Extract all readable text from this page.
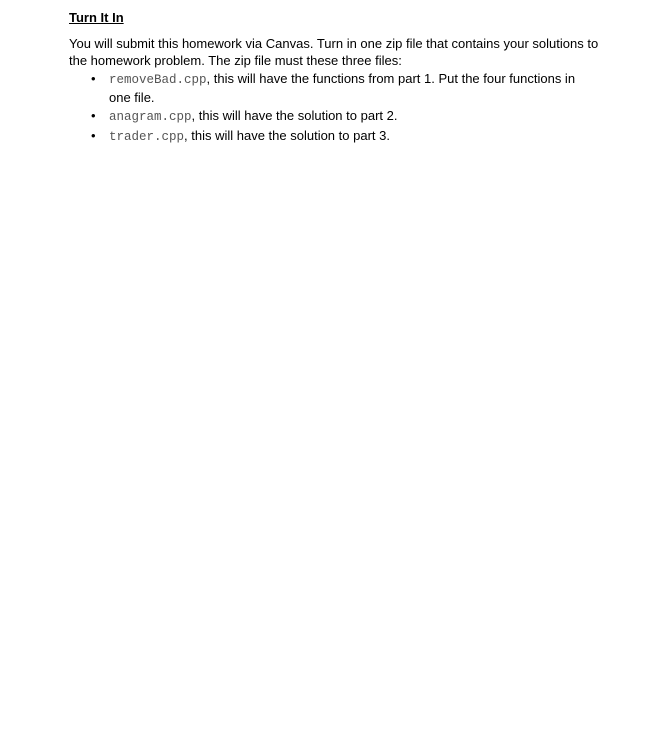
Turn It In

You will submit this homework via Canvas. Turn in one zip file that contains your solutions to the homework problem. The zip file must these three files:

• removeBad.cpp, this will have the functions from part 1. Put the four functions in one file.
• anagram.cpp, this will have the solution to part 2.
• trader.cpp, this will have the solution to part 3.
